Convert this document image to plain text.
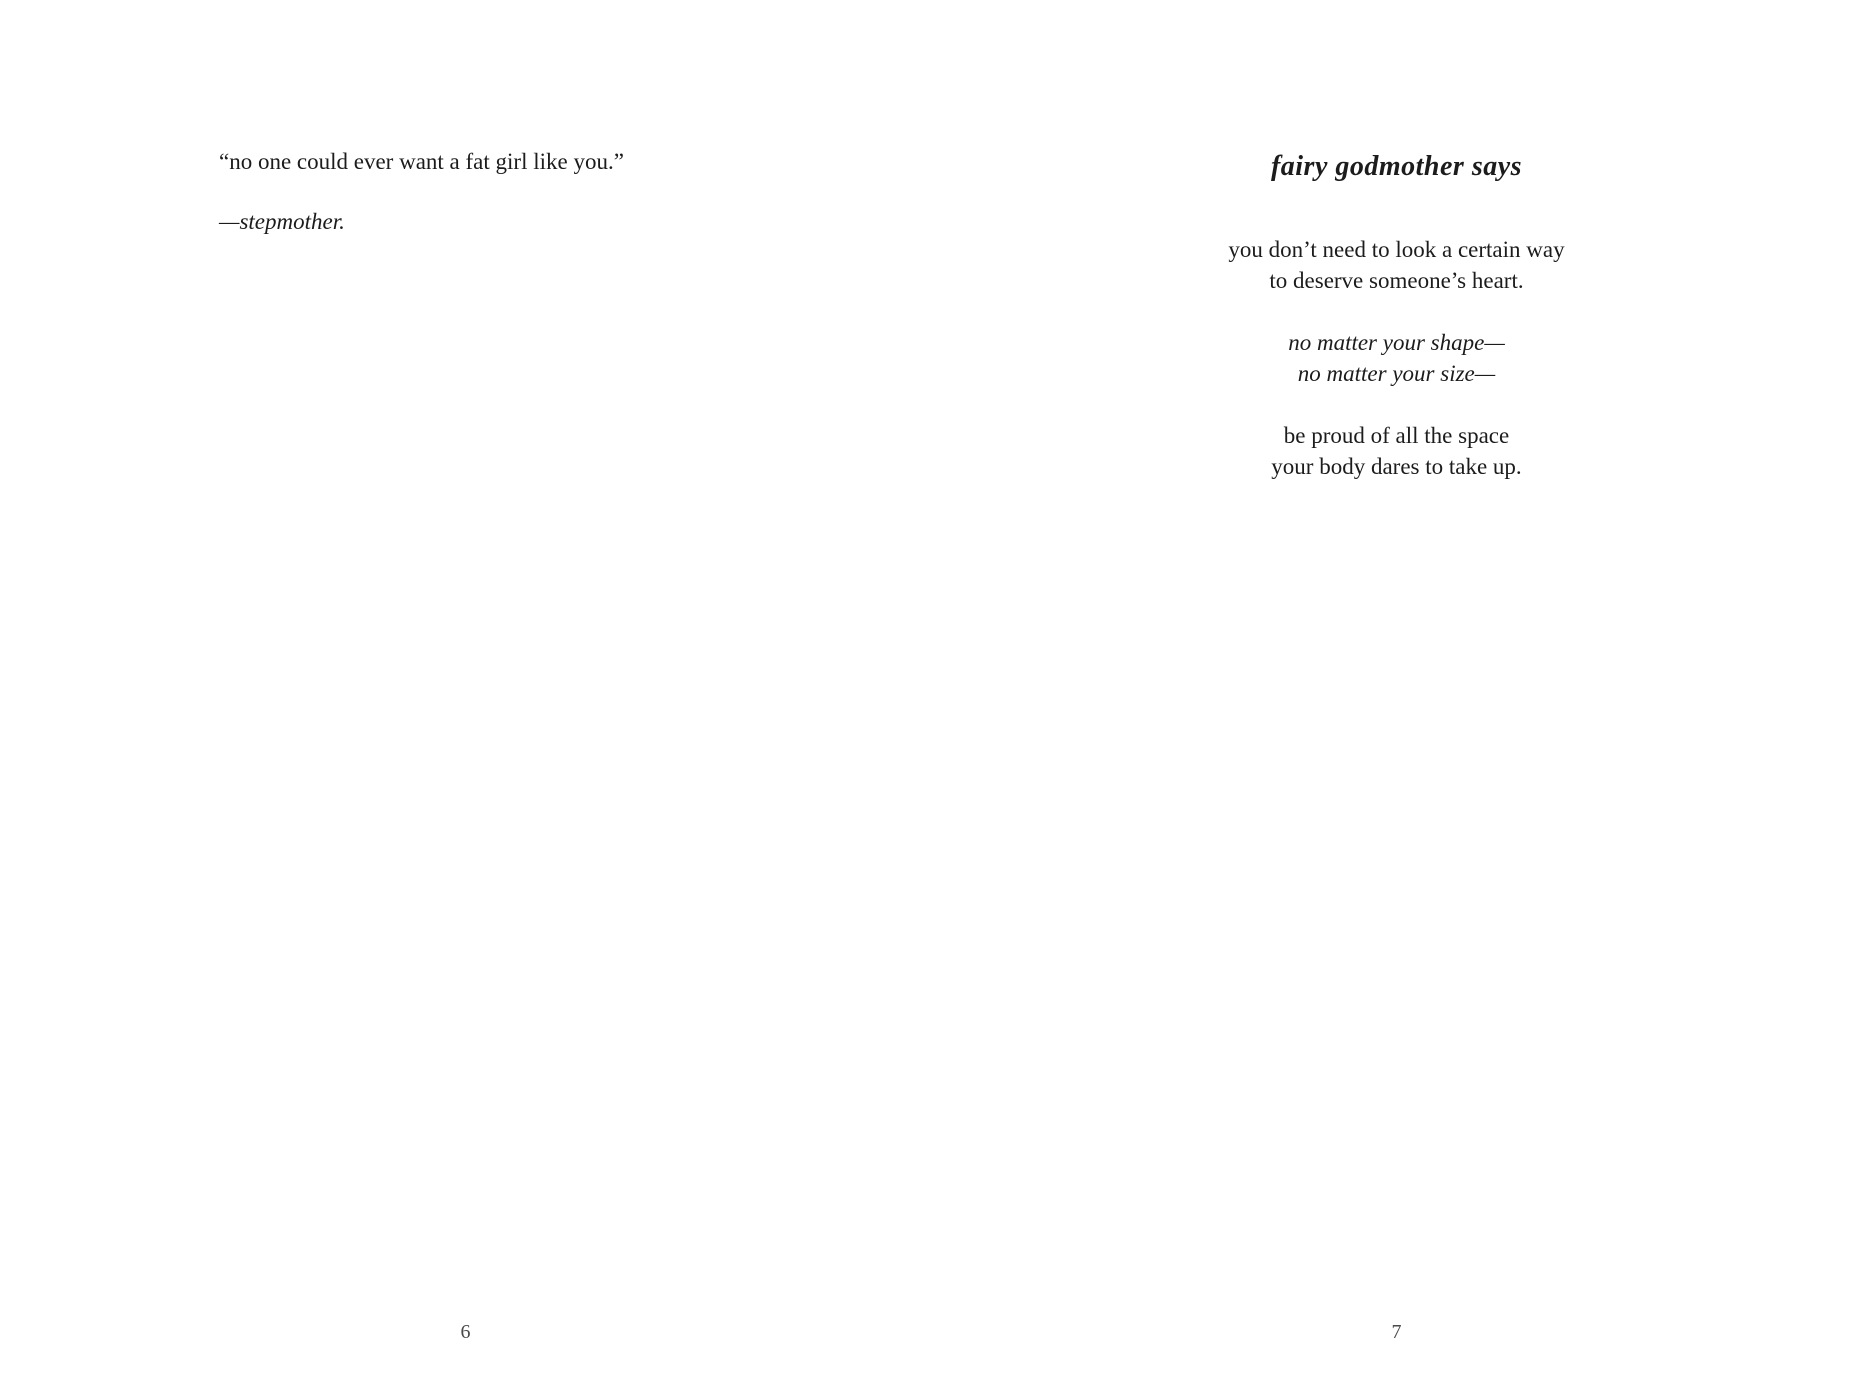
“no one could ever want a fat girl like you.”

—stepmother.

6
fairy godmother says

you don’t need to look a certain way

to deserve someone’s heart.

no matter your shape—

no matter your size—

be proud of all the space

your body dares to take up.

7
